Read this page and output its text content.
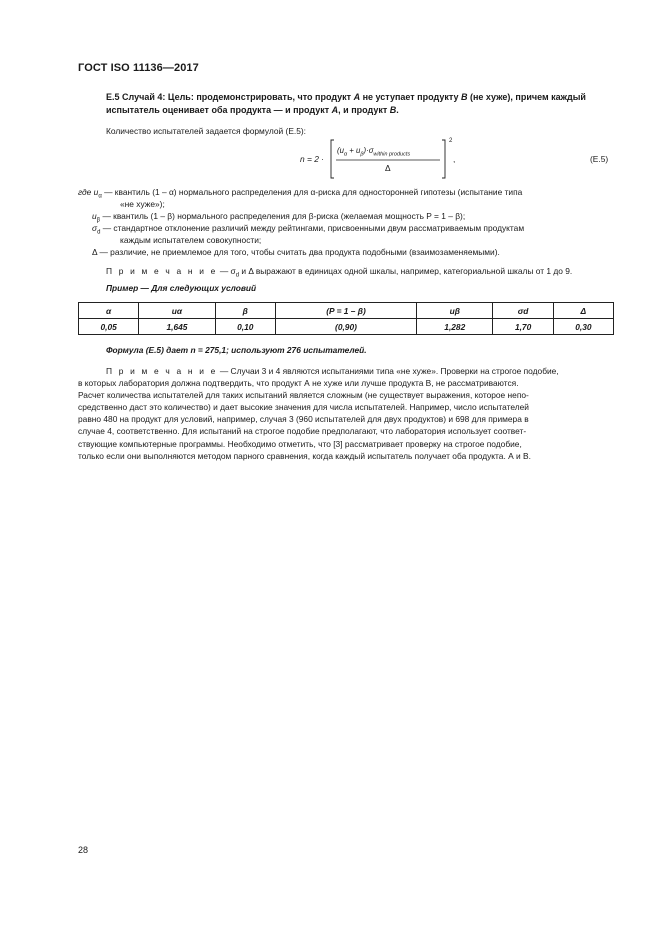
ГОСТ ISO 11136—2017
Е.5 Случай 4: Цель: продемонстрировать, что продукт А не уступает продукту В (не хуже), причем каждый испытатель оценивает оба продукта — и продукт А, и продукт В.
Количество испытателей задается формулой (Е.5):
n = 2 ·
$(u_\alpha + u_\beta)\cdot\sigma_{within products}$
Δ
2
,	(Е.5)
где $u_\alpha$ — квантиль (1 – α) нормального распределения для α-риска для односторонней гипотезы (испытание типа
«не хуже»);
$u_\beta$ — квантиль (1 – β) нормального распределения для β-риска (желаемая мощность P = 1 – β);
$\sigma_d$ — стандартное отклонение различий между рейтингами, присвоенными двум рассматриваемым продуктам
каждым испытателем совокупности;
Δ — различие, не приемлемое для того, чтобы считать два продукта подобными (взаимозаменяемыми).
П р и м е ч а н и е — $\sigma_d$ и Δ выражают в единицах одной шкалы, например, категориальной шкалы от 1 до 9.
Пример — Для следующих условий
α	uα	β	(P = 1 – β)	uβ	σd	Δ
0,05	1,645	0,10	(0,90)	1,282	1,70	0,30
Формула (Е.5) дает n = 275,1; используют 276 испытателей.
П р и м е ч а н и е — Случаи 3 и 4 являются испытаниями типа «не хуже». Проверки на строгое подобие,
в которых лаборатория должна подтвердить, что продукт А не хуже или лучше продукта В, не рассматриваются.
Расчет количества испытателей для таких испытаний является сложным (не существует выражения, которое непо-
средственно даст это количество) и дает высокие значения для числа испытателей. Например, число испытателей
равно 480 на продукт для условий, например, случая 3 (960 испытателей для двух продуктов) и 698 для примера в
случае 4, соответственно. Для испытаний на строгое подобие предполагают, что лаборатория использует соответ-
ствующие компьютерные программы. Необходимо отметить, что [3] рассматривает проверку на строгое подобие,
только если они выполняются методом парного сравнения, когда каждый испытатель получает оба продукта. А и В.
28
